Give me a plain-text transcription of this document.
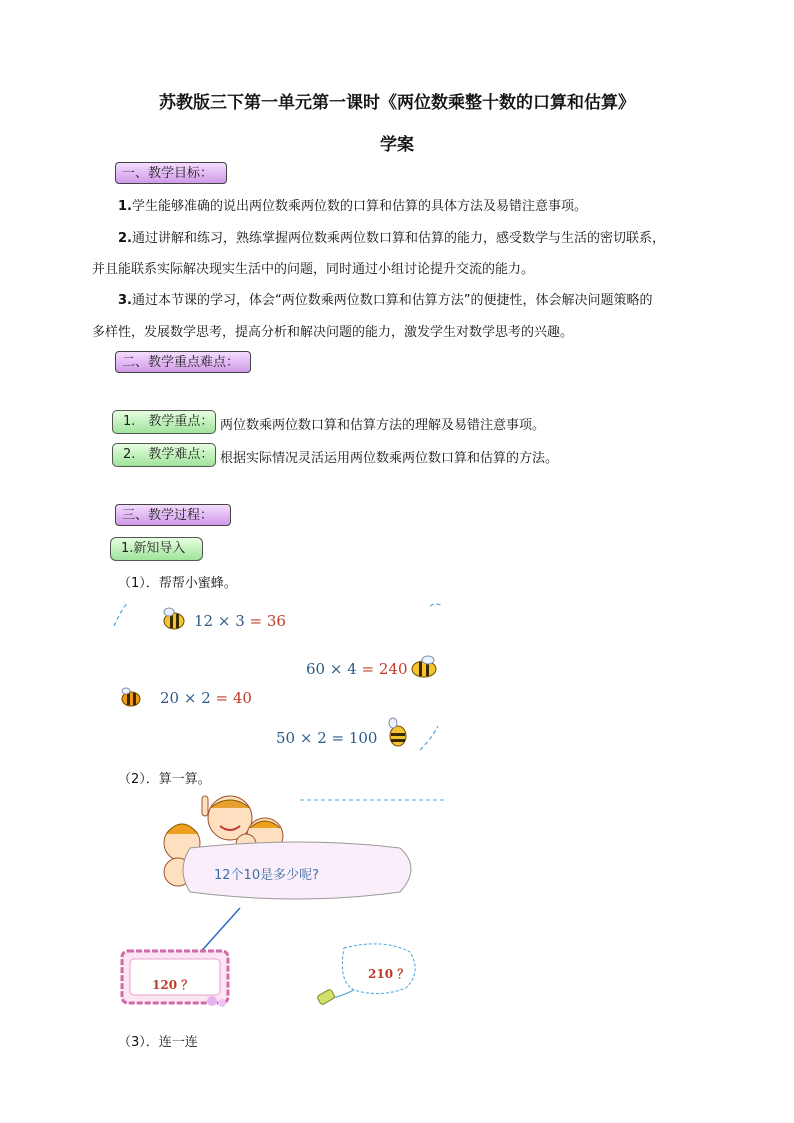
苏教版三下第一单元第一课时《两位数乘整十数的口算和估算》
学案
一、教学目标：
1.学生能够准确的说出两位数乘两位数的口算和估算的具体方法及易错注意事项。
2.通过讲解和练习，熟练掌握两位数乘两位数口算和估算的能力，感受数学与生活的密切联系，
并且能联系实际解决现实生活中的问题，同时通过小组讨论提升交流的能力。
3.通过本节课的学习，体会“两位数乘两位数口算和估算方法”的便捷性，体会解决问题策略的
多样性，发展数学思考，提高分析和解决问题的能力，激发学生对数学思考的兴趣。
二、教学重点难点：
1.　教学重点： 两位数乘两位数口算和估算方法的理解及易错注意事项。
2.　教学难点： 根据实际情况灵活运用两位数乘两位数口算和估算的方法。
三、教学过程：
1.新知导入
（1）．帮帮小蜜蜂。
12 × 3 = 36
60 × 4 = 240
20 × 2 = 40
50 × 2 = 100
（2）．算一算。
12个10是多少呢?
120 ？
210 ？
（3）．连一连
